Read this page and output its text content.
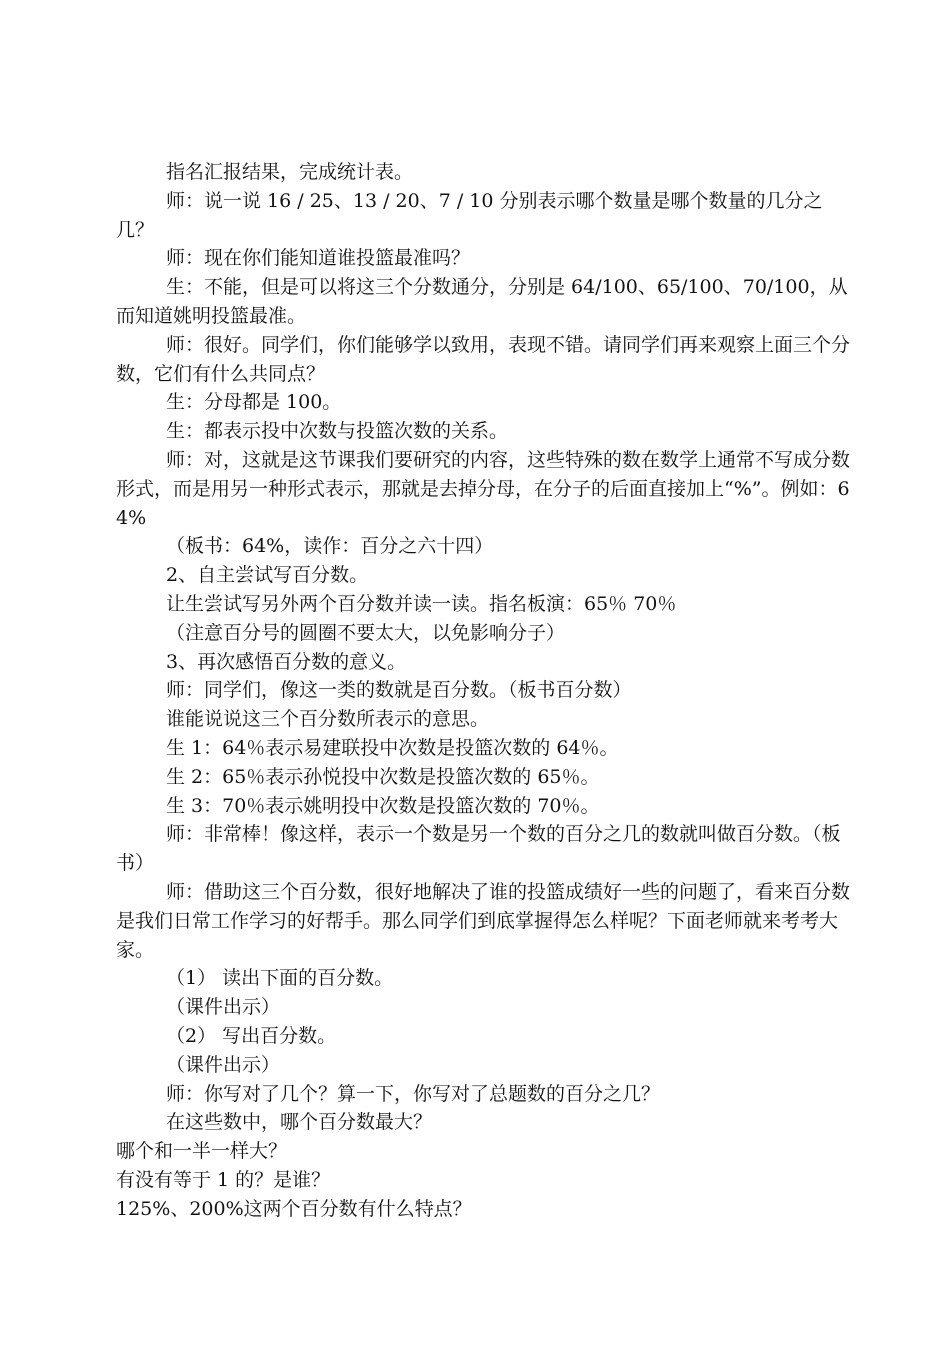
指名汇报结果，完成统计表。

师：说一说 16 / 25、13 / 20、7 / 10 分别表示哪个数量是哪个数量的几分之几？

师：现在你们能知道谁投篮最准吗？

生：不能，但是可以将这三个分数通分，分别是 64/100、65/100、70/100，从而知道姚明投篮最准。

师：很好。同学们，你们能够学以致用，表现不错。请同学们再来观察上面三个分数，它们有什么共同点？

生：分母都是 100。

生：都表示投中次数与投篮次数的关系。

师：对，这就是这节课我们要研究的内容，这些特殊的数在数学上通常不写成分数形式，而是用另一种形式表示，那就是去掉分母，在分子的后面直接加上“%”。例如：64%

（板书：64%，读作：百分之六十四）

2、自主尝试写百分数。

让生尝试写另外两个百分数并读一读。指名板演：65％ 70％

（注意百分号的圆圈不要太大，以免影响分子）

3、再次感悟百分数的意义。

师：同学们，像这一类的数就是百分数。（板书百分数）

谁能说说这三个百分数所表示的意思。

生 1：64％表示易建联投中次数是投篮次数的 64％。

生 2：65％表示孙悦投中次数是投篮次数的 65％。

生 3：70％表示姚明投中次数是投篮次数的 70％。

师：非常棒！像这样，表示一个数是另一个数的百分之几的数就叫做百分数。（板书）

师：借助这三个百分数，很好地解决了谁的投篮成绩好一些的问题了，看来百分数是我们日常工作学习的好帮手。那么同学们到底掌握得怎么样呢？下面老师就来考考大家。

（1） 读出下面的百分数。

（课件出示）

（2） 写出百分数。

（课件出示）

师：你写对了几个？算一下，你写对了总题数的百分之几？

在这些数中，哪个百分数最大？

哪个和一半一样大？

有没有等于 1 的？是谁？

125%、200%这两个百分数有什么特点？
